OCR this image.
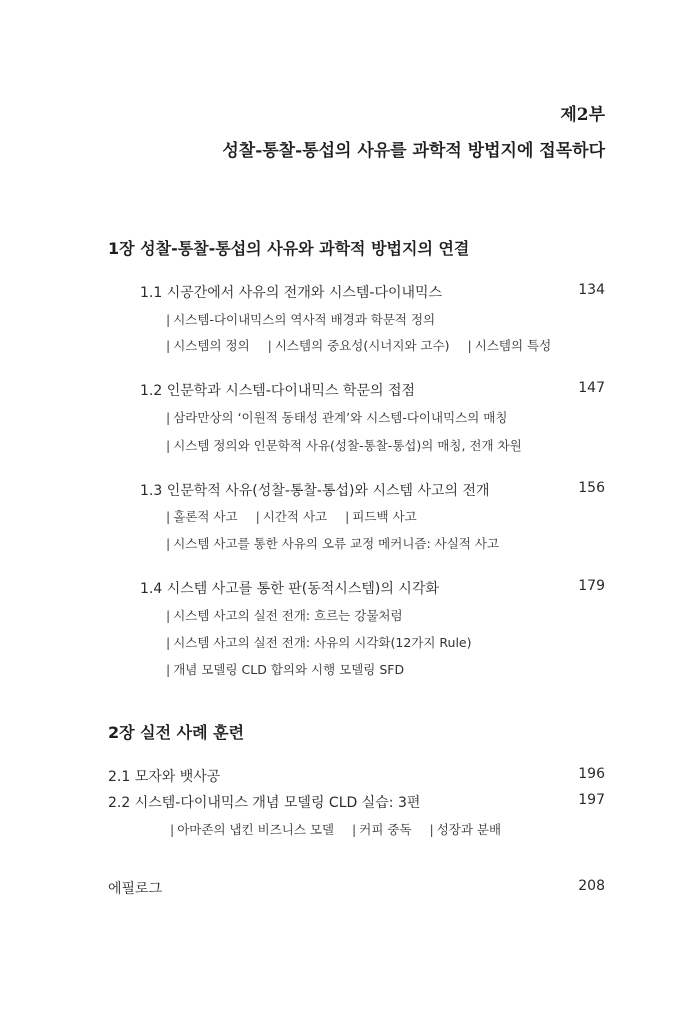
제2부
성찰-통찰-통섭의 사유를 과학적 방법지에 접목하다
1장 성찰-통찰-통섭의 사유와 과학적 방법지의 연결
1.1 시공간에서 사유의 전개와 시스템-다이내믹스	134
| 시스템-다이내믹스의 역사적 배경과 학문적 정의
| 시스템의 정의 | 시스템의 중요성(시너지와 고수) | 시스템의 특성
1.2 인문학과 시스템-다이내믹스 학문의 접점	147
| 삼라만상의 ‘이원적 동태성 관계’와 시스템-다이내믹스의 매칭
| 시스템 정의와 인문학적 사유(성찰-통찰-통섭)의 매칭, 전개 차원
1.3 인문학적 사유(성찰-통찰-통섭)와 시스템 사고의 전개	156
| 홀론적 사고 | 시간적 사고 | 피드백 사고
| 시스템 사고를 통한 사유의 오류 교정 메커니즘: 사실적 사고
1.4 시스템 사고를 통한 판(동적시스템)의 시각화	179
| 시스템 사고의 실전 전개: 흐르는 강물처럼
| 시스템 사고의 실전 전개: 사유의 시각화(12가지 Rule)
| 개념 모델링 CLD 합의와 시행 모델링 SFD
2장 실전 사례 훈련
2.1 모자와 뱃사공	196
2.2 시스템-다이내믹스 개념 모델링 CLD 실습: 3편	197
| 아마존의 냅킨 비즈니스 모델 | 커피 중독 | 성장과 분배
에필로그	208
